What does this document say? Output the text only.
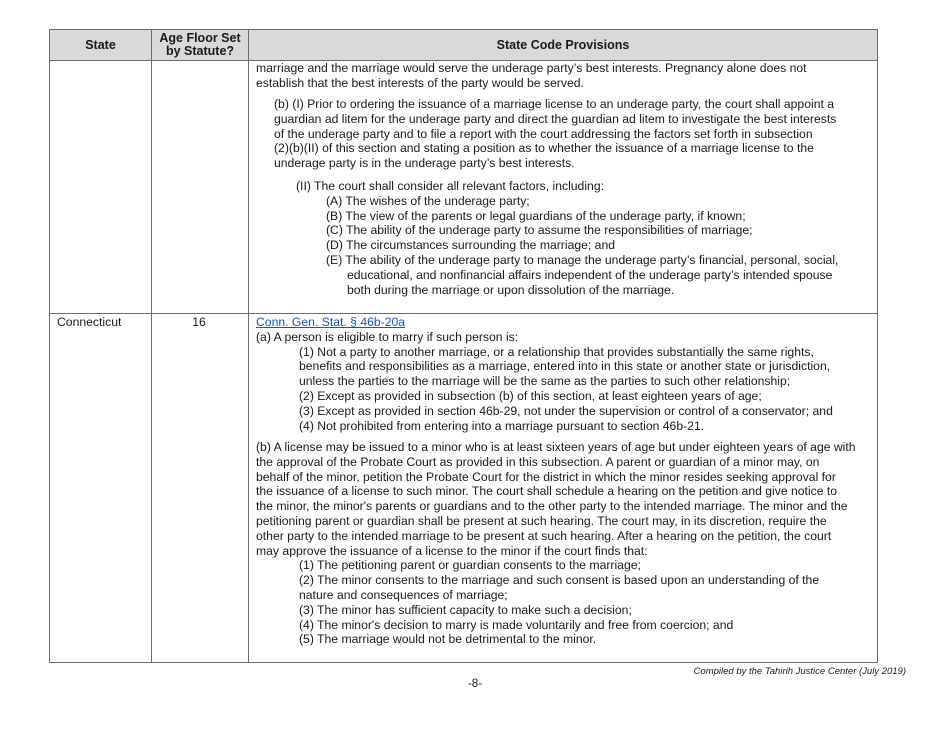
State	Age Floor Set by Statute?	State Code Provisions
marriage and the marriage would serve the underage party’s best interests. Pregnancy alone does not
establish that the best interests of the party would be served.
(b) (I) Prior to ordering the issuance of a marriage license to an underage party, the court shall appoint a
guardian ad litem for the underage party and direct the guardian ad litem to investigate the best interests
of the underage party and to file a report with the court addressing the factors set forth in subsection
(2)(b)(II) of this section and stating a position as to whether the issuance of a marriage license to the
underage party is in the underage party’s best interests.
(II) The court shall consider all relevant factors, including:
(A) The wishes of the underage party;
(B) The view of the parents or legal guardians of the underage party, if known;
(C) The ability of the underage party to assume the responsibilities of marriage;
(D) The circumstances surrounding the marriage; and
(E) The ability of the underage party to manage the underage party’s financial, personal, social,
educational, and nonfinancial affairs independent of the underage party’s intended spouse
both during the marriage or upon dissolution of the marriage.
Connecticut	16	Conn. Gen. Stat. § 46b-20a
(a) A person is eligible to marry if such person is:
(1) Not a party to another marriage, or a relationship that provides substantially the same rights,
benefits and responsibilities as a marriage, entered into in this state or another state or jurisdiction,
unless the parties to the marriage will be the same as the parties to such other relationship;
(2) Except as provided in subsection (b) of this section, at least eighteen years of age;
(3) Except as provided in section 46b-29, not under the supervision or control of a conservator; and
(4) Not prohibited from entering into a marriage pursuant to section 46b-21.
(b) A license may be issued to a minor who is at least sixteen years of age but under eighteen years of age with
the approval of the Probate Court as provided in this subsection. A parent or guardian of a minor may, on
behalf of the minor, petition the Probate Court for the district in which the minor resides seeking approval for
the issuance of a license to such minor. The court shall schedule a hearing on the petition and give notice to
the minor, the minor's parents or guardians and to the other party to the intended marriage. The minor and the
petitioning parent or guardian shall be present at such hearing. The court may, in its discretion, require the
other party to the intended marriage to be present at such hearing. After a hearing on the petition, the court
may approve the issuance of a license to the minor if the court finds that:
(1) The petitioning parent or guardian consents to the marriage;
(2) The minor consents to the marriage and such consent is based upon an understanding of the
nature and consequences of marriage;
(3) The minor has sufficient capacity to make such a decision;
(4) The minor's decision to marry is made voluntarily and free from coercion; and
(5) The marriage would not be detrimental to the minor.
Compiled by the Tahirih Justice Center (July 2019)
-8-
